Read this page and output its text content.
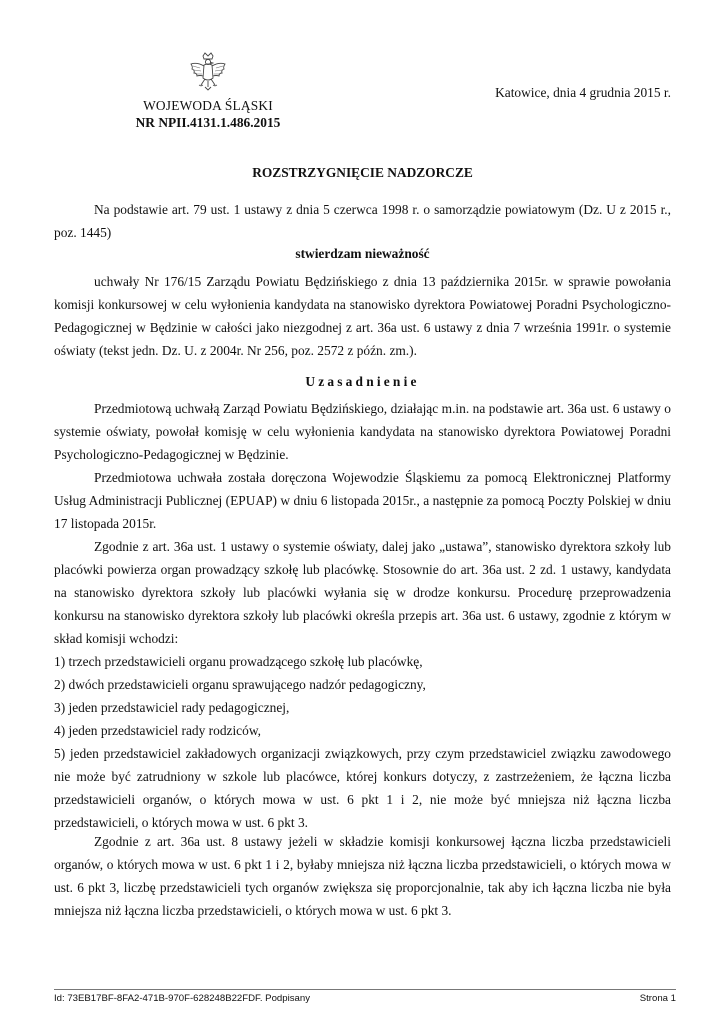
WOJEWODA ŚLĄSKI
NR NPII.4131.1.486.2015
Katowice, dnia 4 grudnia 2015 r.
ROZSTRZYGNIĘCIE NADZORCZE
Na podstawie art. 79 ust. 1 ustawy z dnia 5 czerwca 1998 r. o samorządzie powiatowym (Dz. U z 2015 r., poz. 1445)
stwierdzam nieważność
uchwały Nr 176/15 Zarządu Powiatu Będzińskiego z dnia 13 października 2015r. w sprawie powołania komisji konkursowej w celu wyłonienia kandydata na stanowisko dyrektora Powiatowej Poradni Psychologiczno-Pedagogicznej w Będzinie w całości jako niezgodnej z art. 36a ust. 6 ustawy z dnia 7 września 1991r. o systemie oświaty (tekst jedn. Dz. U. z 2004r. Nr 256, poz. 2572 z późn. zm.).
Uzasadnienie
Przedmiotową uchwałą Zarząd Powiatu Będzińskiego, działając m.in. na podstawie art. 36a ust. 6 ustawy o systemie oświaty, powołał komisję w celu wyłonienia kandydata na stanowisko dyrektora Powiatowej Poradni Psychologiczno-Pedagogicznej w Będzinie.
Przedmiotowa uchwała została doręczona Wojewodzie Śląskiemu za pomocą Elektronicznej Platformy Usług Administracji Publicznej (EPUAP) w dniu 6 listopada 2015r., a następnie za pomocą Poczty Polskiej w dniu 17 listopada 2015r.
Zgodnie z art. 36a ust. 1 ustawy o systemie oświaty, dalej jako „ustawa”, stanowisko dyrektora szkoły lub placówki powierza organ prowadzący szkołę lub placówkę. Stosownie do art. 36a ust. 2 zd. 1 ustawy, kandydata na stanowisko dyrektora szkoły lub placówki wyłania się w drodze konkursu. Procedurę przeprowadzenia konkursu na stanowisko dyrektora szkoły lub placówki określa przepis art. 36a ust. 6 ustawy, zgodnie z którym w skład komisji wchodzi:
1) trzech przedstawicieli organu prowadzącego szkołę lub placówkę,
2) dwóch przedstawicieli organu sprawującego nadzór pedagogiczny,
3) jeden przedstawiciel rady pedagogicznej,
4) jeden przedstawiciel rady rodziców,
5) jeden przedstawiciel zakładowych organizacji związkowych, przy czym przedstawiciel związku zawodowego nie może być zatrudniony w szkole lub placówce, której konkurs dotyczy, z zastrzeżeniem, że łączna liczba przedstawicieli organów, o których mowa w ust. 6 pkt 1 i 2, nie może być mniejsza niż łączna liczba przedstawicieli, o których mowa w ust. 6 pkt 3.
Zgodnie z art. 36a ust. 8 ustawy jeżeli w składzie komisji konkursowej łączna liczba przedstawicieli organów, o których mowa w ust. 6 pkt 1 i 2, byłaby mniejsza niż łączna liczba przedstawicieli, o których mowa w ust. 6 pkt 3, liczbę przedstawicieli tych organów zwiększa się proporcjonalnie, tak aby ich łączna liczba nie była mniejsza niż łączna liczba przedstawicieli, o których mowa w ust. 6 pkt 3.
Id: 73EB17BF-8FA2-471B-970F-628248B22FDF. Podpisany	Strona 1
